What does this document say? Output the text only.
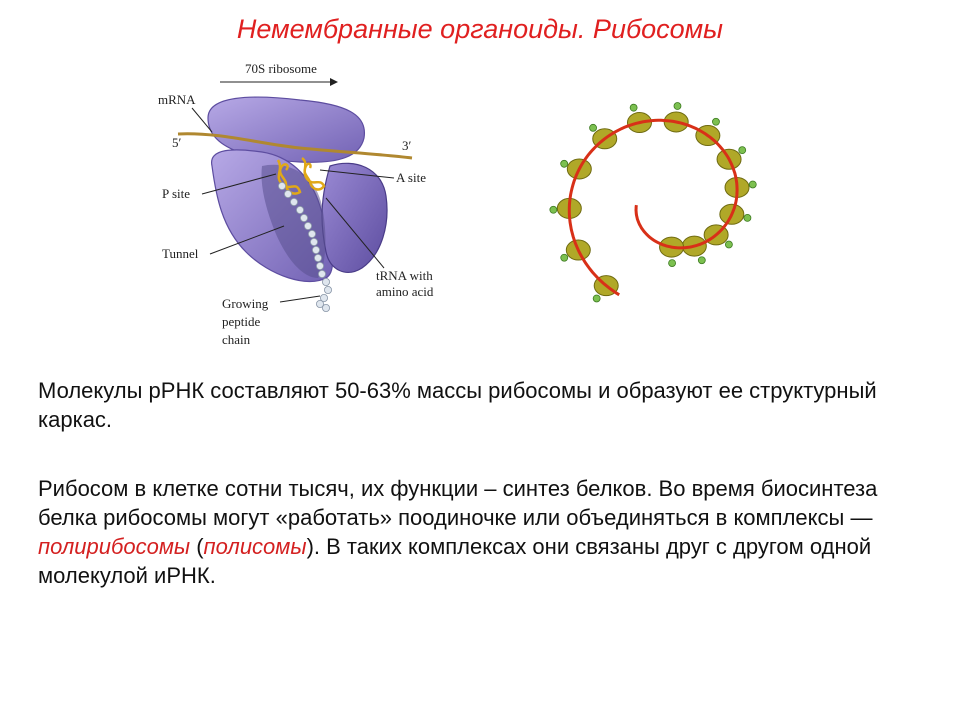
Немембранные органоиды. Рибосомы
70S ribosome
mRNA
5′	3′
P site
A site
Tunnel
tRNA with
amino acid
Growing
peptide
chain
Молекулы рРНК составляют 50-63% массы рибосомы и образуют ее структурный каркас.
Рибосом в клетке сотни тысяч, их функции – синтез белков. Во время биосинтеза белка рибосомы могут «работать» поодиночке или объединяться в комплексы — полирибосомы (полисомы). В таких комплексах они связаны друг с другом одной молекулой иРНК.
